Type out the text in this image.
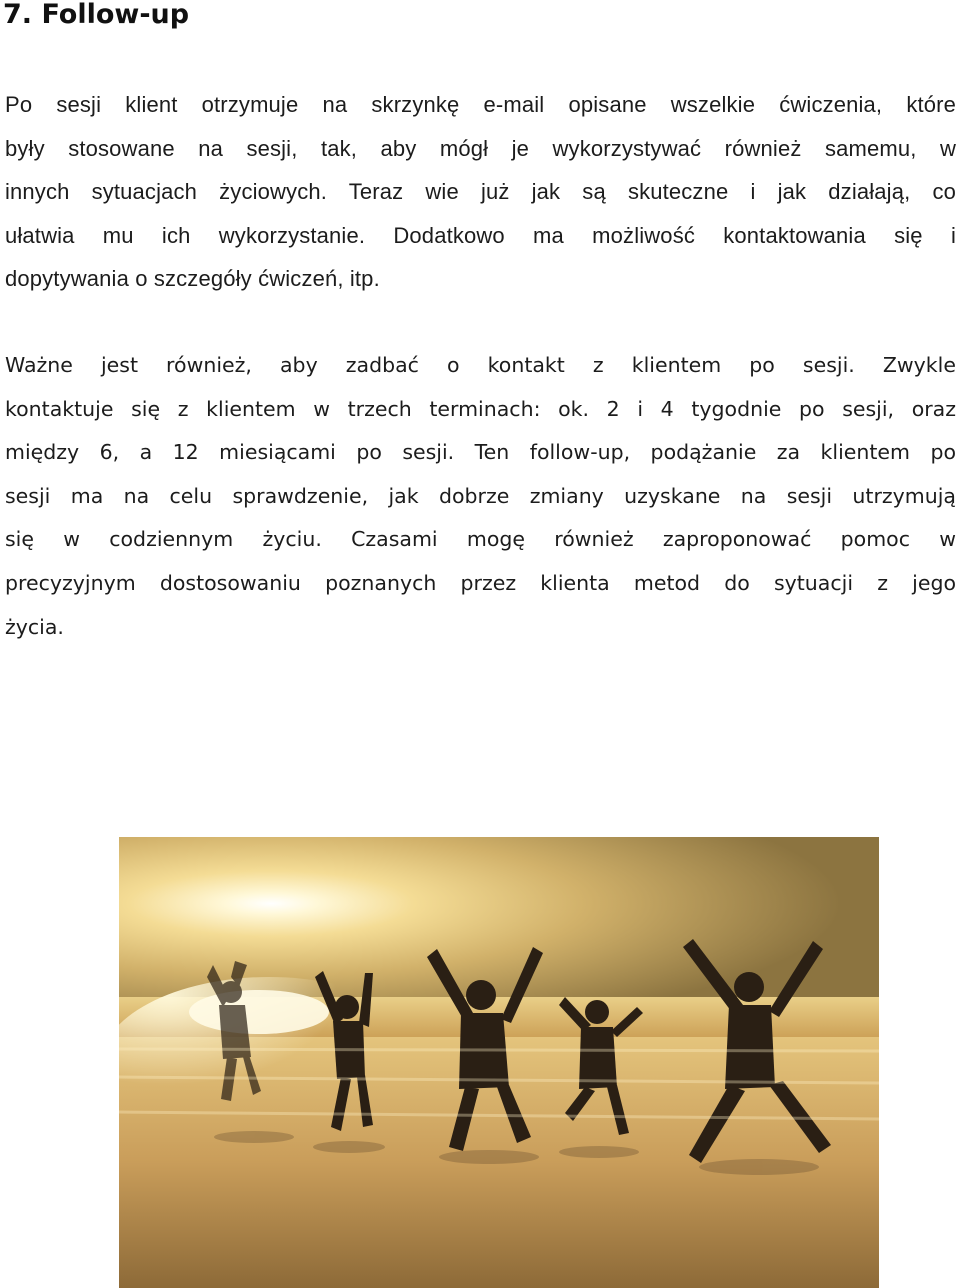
7. Follow-up

Po sesji klient otrzymuje na skrzynkę e-mail opisane wszelkie ćwiczenia, które
były stosowane na sesji, tak, aby mógł je wykorzystywać również samemu, w
innych sytuacjach życiowych. Teraz wie już jak są skuteczne i jak działają, co
ułatwia mu ich wykorzystanie. Dodatkowo ma możliwość kontaktowania się i
dopytywania o szczegóły ćwiczeń, itp.

Ważne jest również, aby zadbać o kontakt z klientem po sesji. Zwykle
kontaktuje się z klientem w trzech terminach: ok. 2 i 4 tygodnie po sesji, oraz
między 6, a 12 miesiącami po sesji. Ten follow-up, podążanie za klientem po
sesji ma na celu sprawdzenie, jak dobrze zmiany uzyskane na sesji utrzymują
się w codziennym życiu. Czasami mogę również zaproponować pomoc w
precyzyjnym dostosowaniu poznanych przez klienta metod do sytuacji z jego
życia.
